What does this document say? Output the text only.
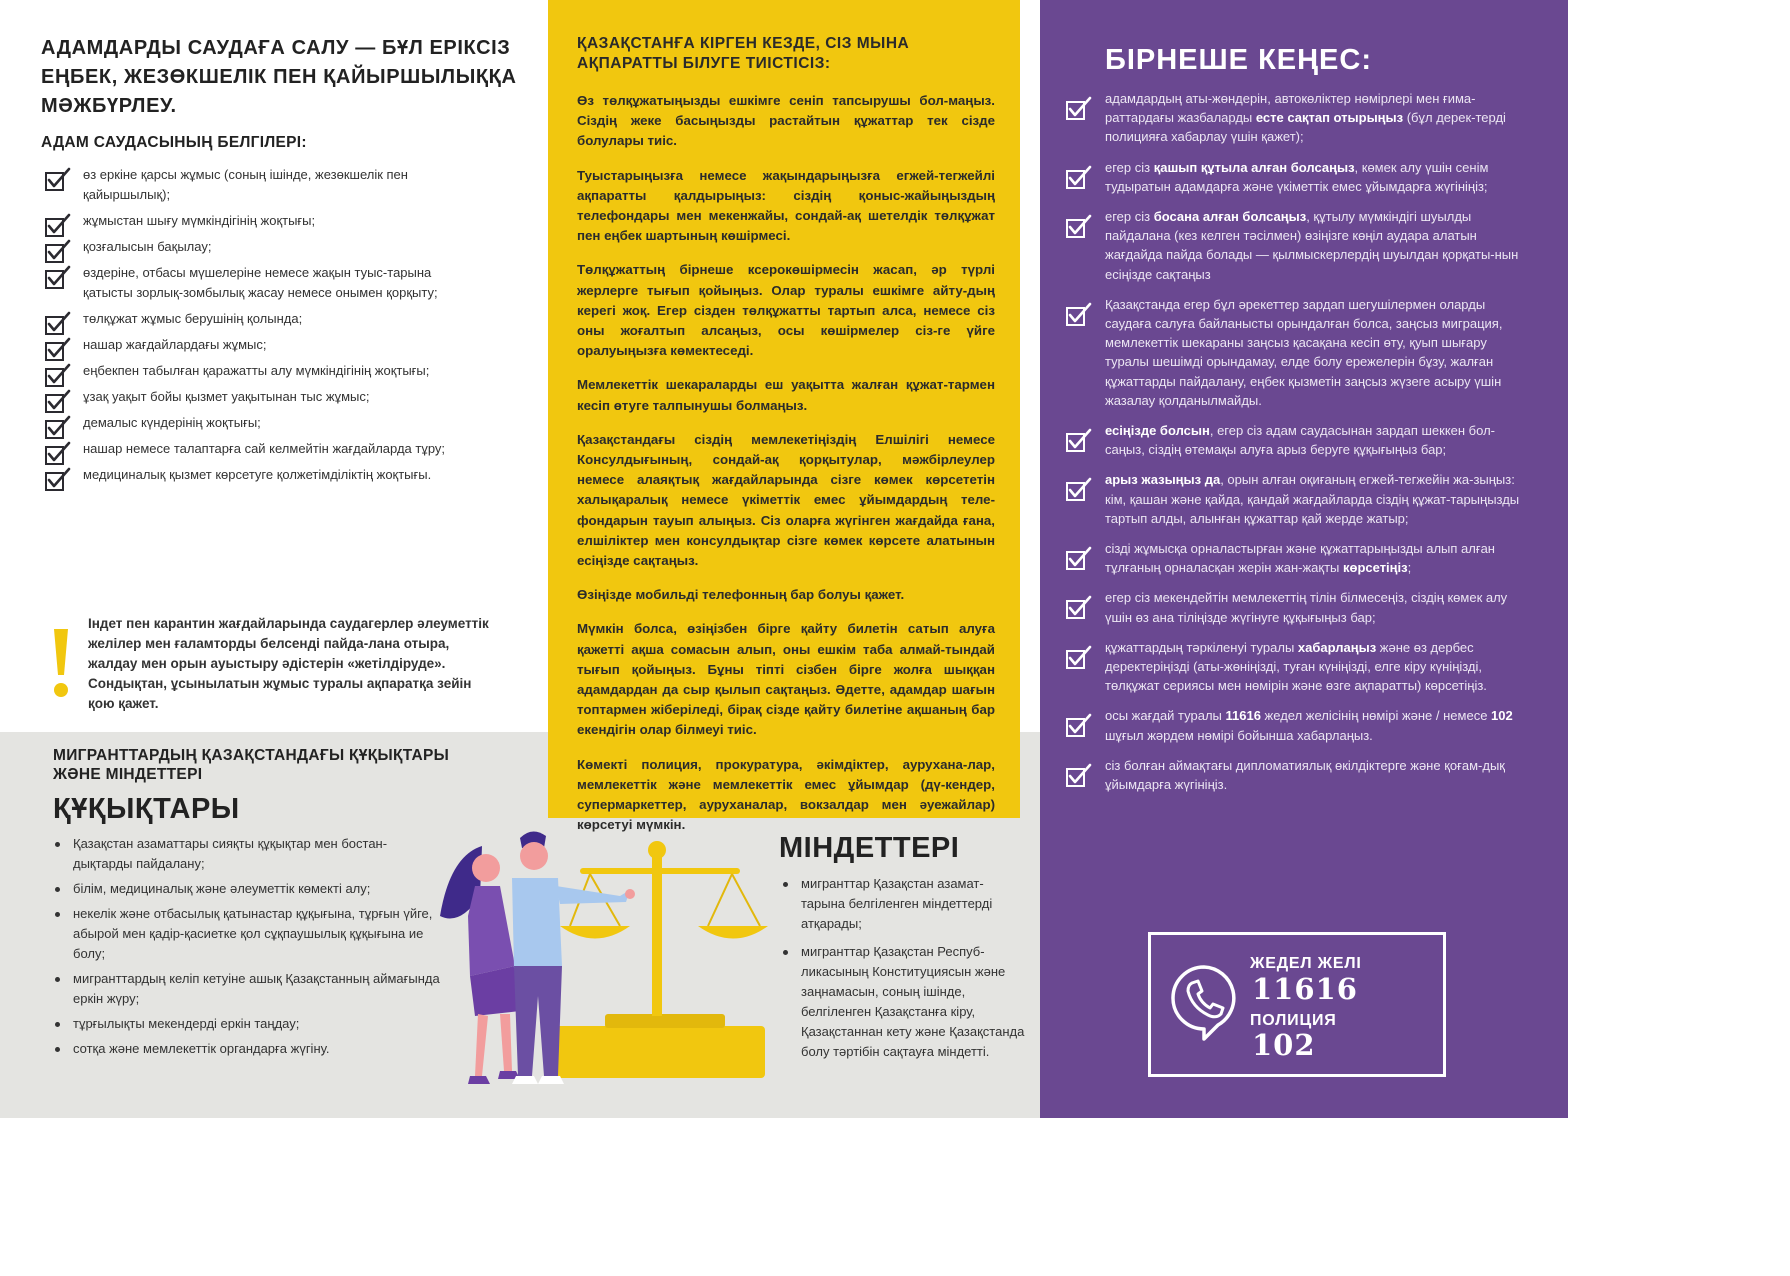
АДАМДАРДЫ САУДАҒА САЛУ — БҰЛ ЕРІКСІЗ ЕҢБЕК, ЖЕЗӨКШЕЛІК ПЕН ҚАЙЫРШЫЛЫҚҚА МӘЖБҮРЛЕУ.
АДАМ САУДАСЫНЫҢ БЕЛГІЛЕРІ:
өз еркіне қарсы жұмыс (соның ішінде, жезөкшелік пен қайыршылық);
жұмыстан шығу мүмкіндігінің жоқтығы;
қозғалысын бақылау;
өздеріне, отбасы мүшелеріне немесе жақын туыс-тарына қатысты зорлық-зомбылық жасау немесе онымен қорқыту;
төлқұжат жұмыс берушінің қолында;
нашар жағдайлардағы жұмыс;
еңбекпен табылған қаражатты алу мүмкіндігінің жоқтығы;
ұзақ уақыт бойы қызмет уақытынан тыс жұмыс;
демалыс күндерінің жоқтығы;
нашар немесе талаптарға сай келмейтін жағдайларда тұру;
медициналық қызмет көрсетуге қолжетімділіктің жоқтығы.

Індет пен карантин жағдайларында саудагерлер әлеуметтік желілер мен ғаламторды белсенді пайда-лана отыра, жалдау мен орын ауыстыру әдістерін «жетілдіруде». Сондықтан, ұсынылатын жұмыс туралы ақпаратқа зейін қою қажет.

МИГРАНТТАРДЫҢ ҚАЗАҚСТАНДАҒЫ ҚҰҚЫҚТАРЫ ЖӘНЕ МІНДЕТТЕРІ
ҚҰҚЫҚТАРЫ
Қазақстан азаматтары сияқты құқықтар мен бостан-дықтарды пайдалану;
білім, медициналық және әлеуметтік көмекті алу;
некелік және отбасылық қатынастар құқығына, тұрғын үйге, абырой мен қадір-қасиетке қол сұқпаушылық құқығына ие болу;
мигранттардың келіп кетуіне ашық Қазақстанның аймағында еркін жүру;
тұрғылықты мекендерді еркін таңдау;
сотқа және мемлекеттік органдарға жүгіну.
МІНДЕТТЕРІ
мигранттар Қазақстан азамат-тарына белгіленген міндеттерді атқарады;
мигранттар Қазақстан Респуб-ликасының Конституциясын және заңнамасын, соның ішінде, белгіленген Қазақстанға кіру, Қазақстаннан кету және Қазақстанда болу тәртібін сақтауға міндетті.
ҚАЗАҚСТАНҒА КІРГЕН КЕЗДЕ, СІЗ МЫНА АҚПАРАТТЫ БІЛУГЕ ТИІСТІСІЗ:

Өз төлқұжатыңызды ешкімге сеніп тапсырушы бол-маңыз. Сіздің жеке басыңызды растайтын құжаттар тек сізде болулары тиіс.

Туыстарыңызға немесе жақындарыңызға егжей-тегжейлі ақпаратты қалдырыңыз: сіздің қоныс-жайыңыздың телефондары мен мекенжайы, сондай-ақ шетелдік төлқұжат пен еңбек шартының көшірмесі.

Төлқұжаттың бірнеше ксерокөшірмесін жасап, әр түрлі жерлерге тығып қойыңыз. Олар туралы ешкімге айту-дың керегі жоқ. Егер сізден төлқұжатты тартып алса, немесе сіз оны жоғалтып алсаңыз, осы көшірмелер сіз-ге үйге оралуыңызға көмектеседі.

Мемлекеттік шекараларды еш уақытта жалған құжат-тармен кесіп өтуге талпынушы болмаңыз.

Қазақстандағы сіздің мемлекетіңіздің Елшілігі немесе Консулдығының, сондай-ақ қорқытулар, мәжбірлеулер немесе алаяқтық жағдайларында сізге көмек көрсететін халықаралық немесе үкіметтік емес ұйымдардың теле-фондарын тауып алыңыз. Сіз оларға жүгінген жағдайда ғана, елшіліктер мен консулдықтар сізге көмек көрсете алатынын есіңізде сақтаңыз.

Өзіңізде мобильді телефонның бар болуы қажет.

Мүмкін болса, өзіңізбен бірге қайту билетін сатып алуға қажетті ақша сомасын алып, оны ешкім таба алмай-тындай тығып қойыңыз. Бұны тіпті сізбен бірге жолға шыққан адамдардан да сыр қылып сақтаңыз. Әдетте, адамдар шағын топтармен жіберіледі, бірақ сізде қайту билетіне ақшаның бар екендігін олар білмеуі тиіс.

Көмекті полиция, прокуратура, әкімдіктер, аурухана-лар, мемлекеттік және мемлекеттік емес ұйымдар (дү-кендер, супермаркеттер, ауруханалар, вокзалдар мен әуежайлар) көрсетуі мүмкін.

БІРНЕШЕ КЕҢЕС:
адамдардың аты-жөндерін, автокөліктер нөмірлері мен ғима-раттардағы жазбаларды есте сақтап отырыңыз (бұл дерек-терді полицияға хабарлау үшін қажет);
егер сіз қашып құтыла алған болсаңыз, көмек алу үшін сенім тудыратын адамдарға және үкіметтік емес ұйымдарға жүгініңіз;
егер сіз босана алған болсаңыз, құтылу мүмкіндігі шуылды пайдалана (кез келген тәсілмен) өзіңізге көңіл аудара алатын жағдайда пайда болады — қылмыскерлердің шуылдан қорқаты-нын есіңізде сақтаңыз
Қазақстанда егер бұл әрекеттер зардап шегушілермен оларды саудаға салуға байланысты орындалған болса, заңсыз миграция, мемлекеттік шекараны заңсыз қасақана кесіп өту, қуып шығару туралы шешімді орындамау, елде болу ережелерін бұзу, жалған құжаттарды пайдалану, еңбек қызметін заңсыз жүзеге асыру үшін жазалау қолданылмайды.
есіңізде болсын, егер сіз адам саудасынан зардап шеккен бол-саңыз, сіздің өтемақы алуға арыз беруге құқығыңыз бар;
арыз жазыңыз да, орын алған оқиғаның егжей-тегжейін жа-зыңыз: кім, қашан және қайда, қандай жағдайларда сіздің құжат-тарыңызды тартып алды, алынған құжаттар қай жерде жатыр;
сізді жұмысқа орналастырған және құжаттарыңызды алып алған тұлғаның орналасқан жерін жан-жақты көрсетіңіз;
егер сіз мекендейтін мемлекеттің тілін білмесеңіз, сіздің көмек алу үшін өз ана тіліңізде жүгінуге құқығыңыз бар;
құжаттардың тәркіленуі туралы хабарлаңыз және өз дербес деректеріңізді (аты-жөніңізді, туған күніңізді, елге кіру күніңізді, төлқұжат сериясы мен нөмірін және өзге ақпаратты) көрсетіңіз.
осы жағдай туралы 11616 жедел желісінің нөмірі және / немесе 102 шұғыл жәрдем нөмірі бойынша хабарлаңыз.
сіз болған аймақтағы дипломатиялық өкілдіктерге және қоғам-дық ұйымдарға жүгініңіз.
ЖЕДЕЛ ЖЕЛІ
11616
ПОЛИЦИЯ
102
